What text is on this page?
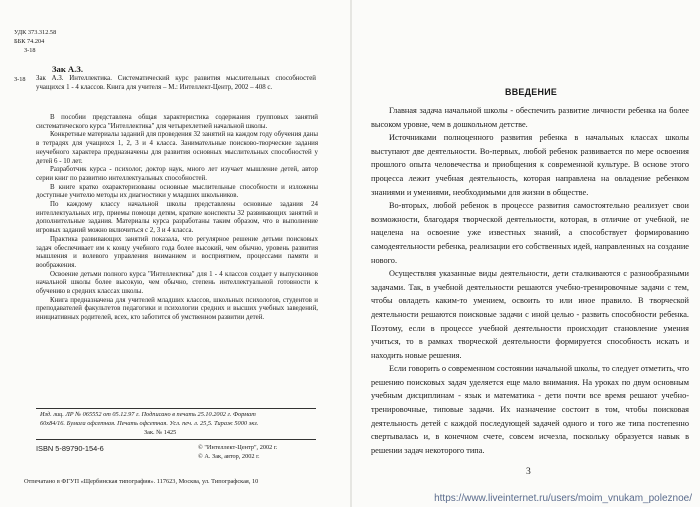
УДК 373.312.58
ББК 74.204
З-18
Зак А.З.
З-18 Зак А.З. Интеллектика. Систематический курс развития мыслительных способностей учащихся 1 - 4 классов. Книга для учителя – М.: Интеллект-Центр, 2002 – 408 с.

В пособии представлена общая характеристика содержания групповых занятий систематического курса "Интеллектика" для четырехлетней начальной школы.

Конкретные материалы заданий для проведения 32 занятий на каждом году обучения даны в тетрадях для учащихся 1, 2, 3 и 4 класса. Занимательные поисково-творческие задания неучебного характера предназначены для развития основных мыслительных способностей у детей 6 - 10 лет.

Разработчик курса - психолог, доктор наук, много лет изучает мышление детей, автор серии книг по развитию интеллектуальных способностей.

В книге кратко охарактеризованы основные мыслительные способности и изложены доступные учителю методы их диагностики у младших школьников.

По каждому классу начальной школы представлены основные задания 24 интеллектуальных игр, приемы помощи детям, краткие конспекты 32 развивающих занятий и дополнительные задания. Материалы курса разработаны таким образом, что в выполнение игровых заданий можно включиться с 2, 3 и 4 класса.

Практика развивающих занятий показала, что регулярное решение детьми поисковых задач обеспечивает им к концу учебного года более высокий, чем обычно, уровень развития мышления и волевого управления вниманием и восприятием, процессами памяти и воображения.

Освоение детьми полного курса "Интеллектика" для 1 - 4 классов создает у выпускников начальной школы более высокую, чем обычно, степень интеллектуальной готовности к обучению в средних классах школы.

Книга предназначена для учителей младших классов, школьных психологов, студентов и преподавателей факультетов педагогики и психологии средних и высших учебных заведений, инициативных родителей, всех, кто заботится об умственном развитии детей.

Изд. лиц. ЛР № 065552 от 05.12.97 г. Подписано в печать 25.10.2002 г. Формат
60х84/16. Бумага офсетная. Печать офсетная. Усл. печ. л. 25,5. Тираж 5000 экз.
Зак. № 1425
ISBN 5-89790-154-6	© "Интеллект-Центр", 2002 г.
© А. Зак, автор, 2002 г.
Отпечатано в ФГУП «Щербинская типография». 117623, Москва, ул. Типографская, 10
ВВЕДЕНИЕ

Главная задача начальной школы - обеспечить развитие личности ребенка на более высоком уровне, чем в дошкольном детстве.

Источниками полноценного развития ребенка в начальных классах школы выступают две деятельности. Во-первых, любой ребенок развивается по мере освоения прошлого опыта человечества и приобщения к современной культуре. В основе этого процесса лежит учебная деятельность, которая направлена на овладение ребенком знаниями и умениями, необходимыми для жизни в обществе.

Во-вторых, любой ребенок в процессе развития самостоятельно реализует свои возможности, благодаря творческой деятельности, которая, в отличие от учебной, не нацелена на освоение уже известных знаний, а способствует формированию самодеятельности ребенка, реализации его собственных идей, направленных на создание нового.

Осуществляя указанные виды деятельности, дети сталкиваются с разнообразными задачами. Так, в учебной деятельности решаются учебно-тренировочные задачи с тем, чтобы овладеть каким-то умением, освоить то или иное правило. В творческой деятельности решаются поисковые задачи с иной целью - развить способности ребенка. Поэтому, если в процессе учебной деятельности происходит становление умения учиться, то в рамках творческой деятельности формируется способность искать и находить новые решения.

Если говорить о современном состоянии начальной школы, то следует отметить, что решению поисковых задач уделяется еще мало внимания. На уроках по двум основным учебным дисциплинам - язык и математика - дети почти все время решают учебно-тренировочные, типовые задачи. Их назначение состоит в том, чтобы поисковая деятельность детей с каждой последующей задачей одного и того же типа постепенно свертывалась и, в конечном счете, совсем исчезла, поскольку образуется навык в решении задач некоторого типа.

3
https://www.liveinternet.ru/users/moim_vnukam_poleznoe/
